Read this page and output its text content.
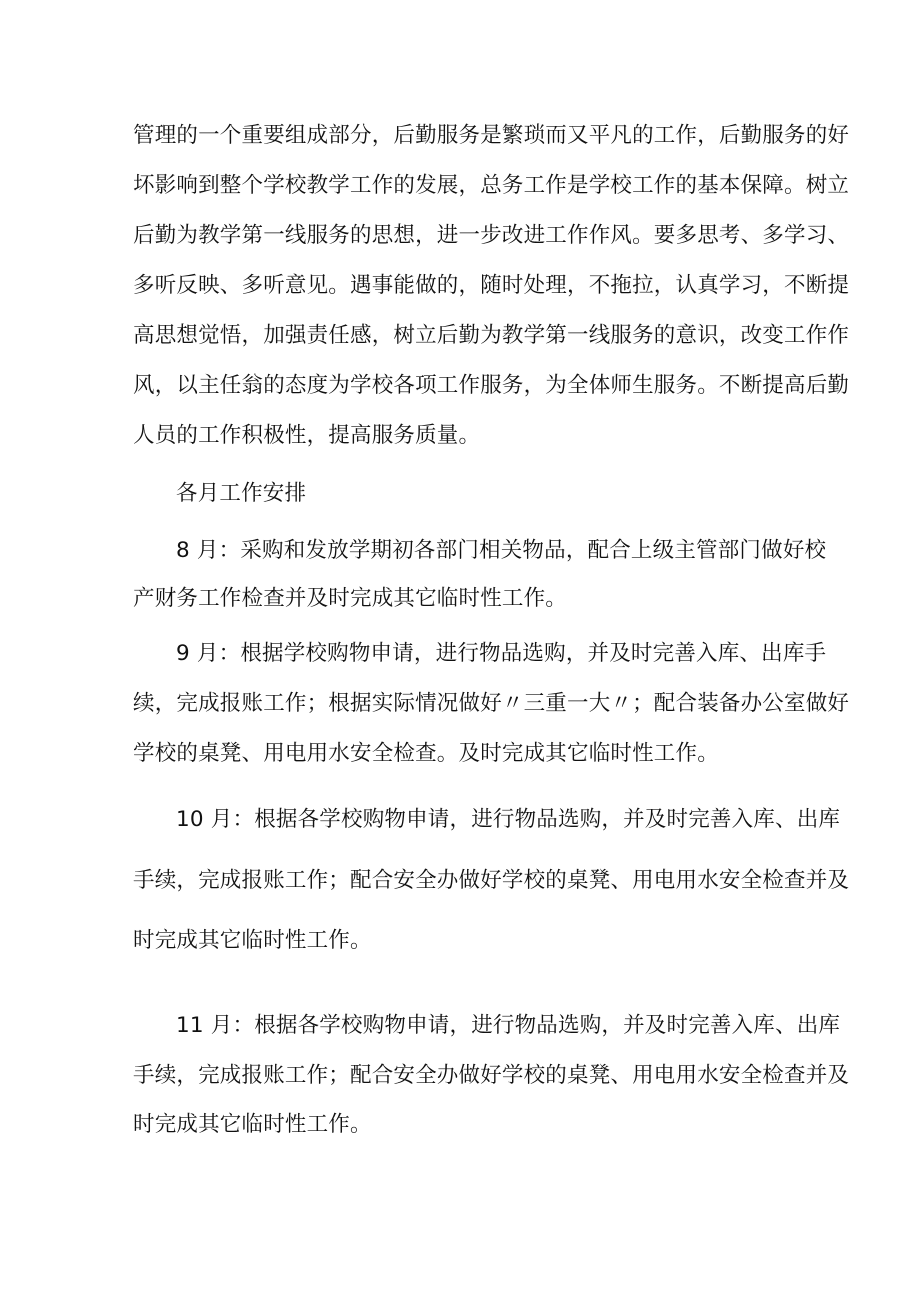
管理的一个重要组成部分，后勤服务是繁琐而又平凡的工作，后勤服务的好
坏影响到整个学校教学工作的发展，总务工作是学校工作的基本保障。树立
后勤为教学第一线服务的思想，进一步改进工作作风。要多思考、多学习、
多听反映、多听意见。遇事能做的，随时处理，不拖拉，认真学习，不断提
高思想觉悟，加强责任感，树立后勤为教学第一线服务的意识，改变工作作
风，以主任翁的态度为学校各项工作服务，为全体师生服务。不断提高后勤
人员的工作积极性，提高服务质量。
各月工作安排
8 月：采购和发放学期初各部门相关物品，配合上级主管部门做好校
产财务工作检查并及时完成其它临时性工作。
9 月：根据学校购物申请，进行物品选购，并及时完善入库、出库手
续，完成报账工作；根据实际情况做好〃三重一大〃；配合装备办公室做好
学校的桌凳、用电用水安全检查。及时完成其它临时性工作。
10 月：根据各学校购物申请，进行物品选购，并及时完善入库、出库
手续，完成报账工作；配合安全办做好学校的桌凳、用电用水安全检查并及
时完成其它临时性工作。
11 月：根据各学校购物申请，进行物品选购，并及时完善入库、出库
手续，完成报账工作；配合安全办做好学校的桌凳、用电用水安全检查并及
时完成其它临时性工作。
